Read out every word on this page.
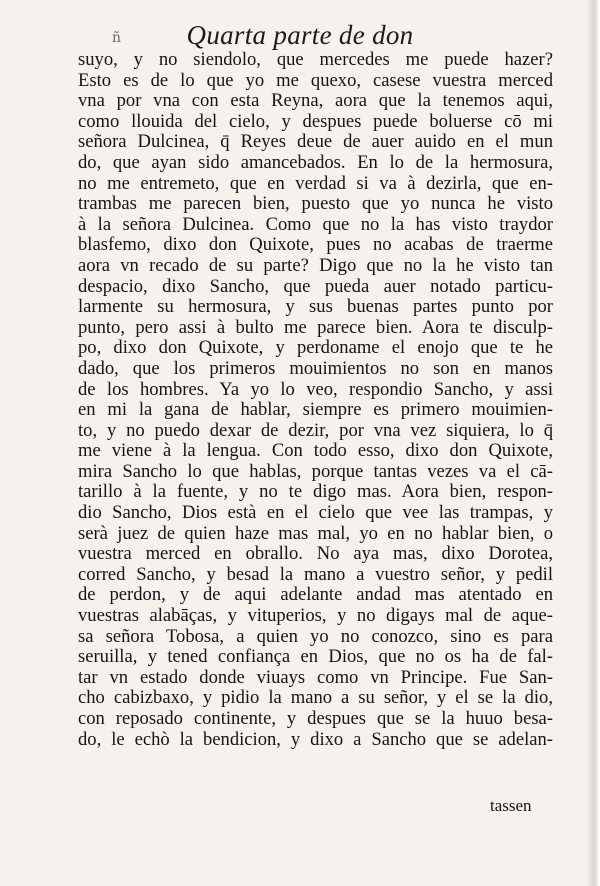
Quarta parte de don
ñ
suyo, y no siendolo, que mercedes me puede hazer?
Esto es de lo que yo me quexo, casese vuestra merced
vna por vna con esta Reyna, aora que la tenemos aqui,
como llouida del cielo, y despues puede boluerse cō mi
señora Dulcinea, q̄ Reyes deue de auer auido en el mun
do, que ayan sido amancebados. En lo de la hermosura,
no me entremeto, que en verdad si va à dezirla, que en-
trambas me parecen bien, puesto que yo nunca he visto
à la señora Dulcinea. Como que no la has visto traydor
blasfemo, dixo don Quixote, pues no acabas de traerme
aora vn recado de su parte? Digo que no la he visto tan
despacio, dixo Sancho, que pueda auer notado particu-
larmente su hermosura, y sus buenas partes punto por
punto, pero assi à bulto me parece bien. Aora te disculp-
po, dixo don Quixote, y perdoname el enojo que te he
dado, que los primeros mouimientos no son en manos
de los hombres. Ya yo lo veo, respondio Sancho, y assi
en mi la gana de hablar, siempre es primero mouimien-
to, y no puedo dexar de dezir, por vna vez siquiera, lo q̄
me viene à la lengua. Con todo esso, dixo don Quixote,
mira Sancho lo que hablas, porque tantas vezes va el cā-
tarillo à la fuente, y no te digo mas. Aora bien, respon-
dio Sancho, Dios està en el cielo que vee las trampas, y
serà juez de quien haze mas mal, yo en no hablar bien, o
vuestra merced en obrallo. No aya mas, dixo Dorotea,
corred Sancho, y besad la mano a vuestro señor, y pedil
de perdon, y de aqui adelante andad mas atentado en
vuestras alabāças, y vituperios, y no digays mal de aque-
sa señora Tobosa, a quien yo no conozco, sino es para
seruilla, y tened confiança en Dios, que no os ha de fal-
tar vn estado donde viuays como vn Principe. Fue San-
cho cabizbaxo, y pidio la mano a su señor, y el se la dio,
con reposado continente, y despues que se la huuo besa-
do, le echò la bendicion, y dixo a Sancho que se adelan-
tassen
